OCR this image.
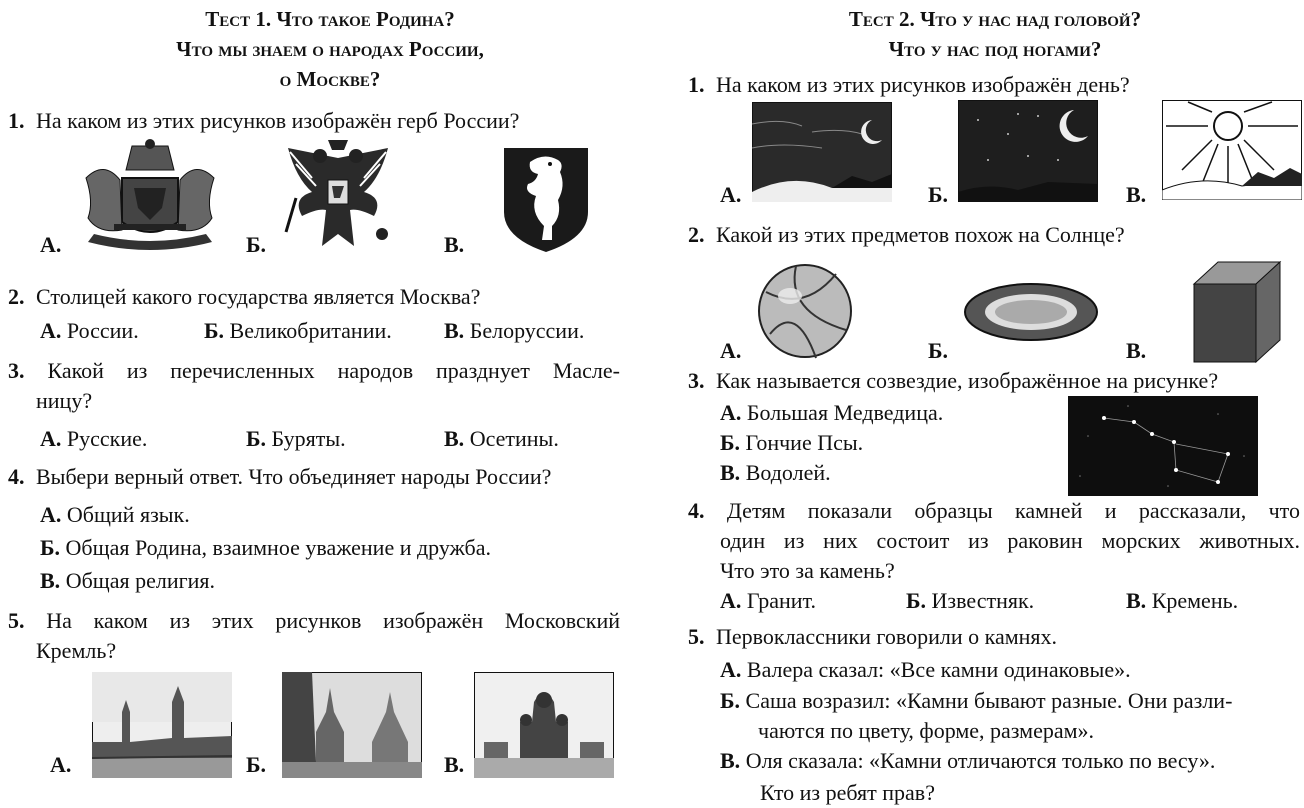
Тест 1. Что такое Родина?
Что мы знаем о народах России,
о Москве?
1. На каком из этих рисунков изображён герб России?
А.	Б.	В.
2. Столицей какого государства является Москва?
А. России.	Б. Великобритании. В. Белоруссии.
3. Какой из перечисленных народов празднует Масле-
ницу?
А. Русские.	Б. Буряты.	В. Осетины.
4. Выбери верный ответ. Что объединяет народы России?
А. Общий язык.
Б. Общая Родина, взаимное уважение и дружба.
В. Общая религия.
5. На каком из этих рисунков изображён Московский
Кремль?
А.	Б.	В.
Тест 2. Что у нас над головой?
Что у нас под ногами?
1. На каком из этих рисунков изображён день?
А.	Б.	В.
2. Какой из этих предметов похож на Солнце?
А.	Б.	В.
3. Как называется созвездие, изображённое на рисунке?
А. Большая Медведица.
Б. Гончие Псы.
В. Водолей.
4. Детям показали образцы камней и рассказали, что
один из них состоит из раковин морских животных.
Что это за камень?
А. Гранит.	Б. Известняк.	В. Кремень.
5. Первоклассники говорили о камнях.
А. Валера сказал: «Все камни одинаковые».
Б. Саша возразил: «Камни бывают разные. Они разли-
чаются по цвету, форме, размерам».
В. Оля сказала: «Камни отличаются только по весу».
Кто из ребят прав?
